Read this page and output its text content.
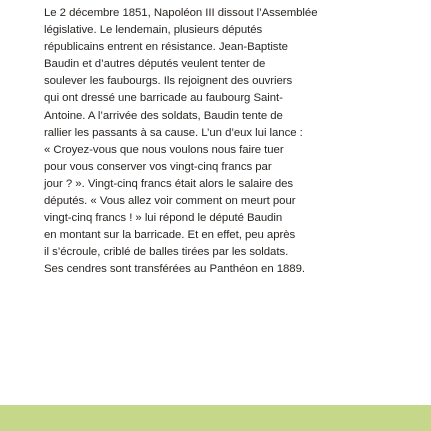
Le 2 décembre 1851, Napoléon III dissout l’Assemblée
législative. Le lendemain, plusieurs députés
républicains entrent en résistance. Jean-Baptiste
Baudin et d’autres députés veulent tenter de
soulever les faubourgs. Ils rejoignent des ouvriers
qui ont dressé une barricade au faubourg Saint-
Antoine. A l’arrivée des soldats, Baudin tente de
rallier les passants à sa cause. L’un d’eux lui lance :
« Croyez-vous que nous voulons nous faire tuer
pour vous conserver vos vingt-cinq francs par
jour ? ». Vingt-cinq francs était alors le salaire des
députés. « Vous allez voir comment on meurt pour
vingt-cinq francs ! » lui répond le député Baudin
en montant sur la barricade. Et en effet, peu après
il s’écroule, criblé de balles tirées par les soldats.
Ses cendres sont transférées au Panthéon en 1889.
